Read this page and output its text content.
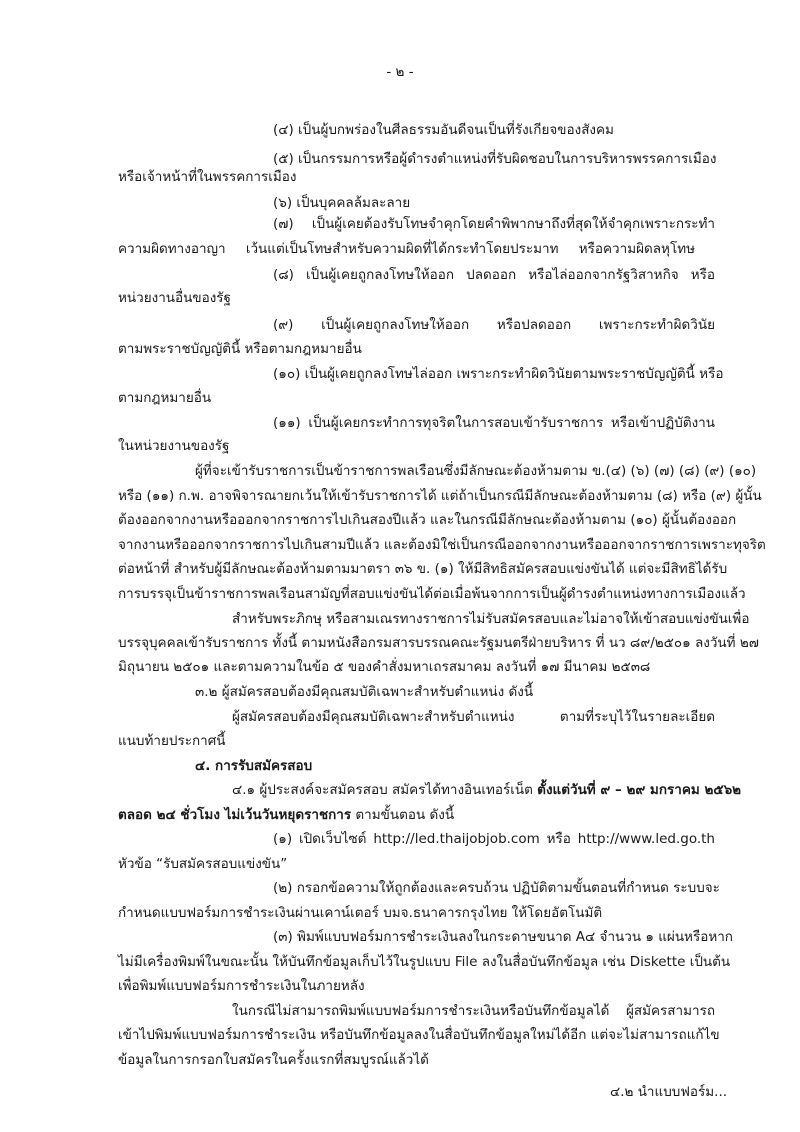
- ๒ -
(๔) เป็นผู้บกพร่องในศีลธรรมอันดีจนเป็นที่รังเกียจของสังคม
(๕) เป็นกรรมการหรือผู้ดำรงตำแหน่งที่รับผิดชอบในการบริหารพรรคการเมือง
หรือเจ้าหน้าที่ในพรรคการเมือง
(๖) เป็นบุคคลล้มละลาย
(๗) เป็นผู้เคยต้องรับโทษจำคุกโดยคำพิพากษาถึงที่สุดให้จำคุกเพราะกระทำ
ความผิดทางอาญา เว้นแต่เป็นโทษสำหรับความผิดที่ได้กระทำโดยประมาท หรือความผิดลหุโทษ
(๘) เป็นผู้เคยถูกลงโทษให้ออก ปลดออก หรือไล่ออกจากรัฐวิสาหกิจ หรือ
หน่วยงานอื่นของรัฐ
(๙) เป็นผู้เคยถูกลงโทษให้ออก หรือปลดออก เพราะกระทำผิดวินัย
ตามพระราชบัญญัตินี้ หรือตามกฎหมายอื่น
(๑๐) เป็นผู้เคยถูกลงโทษไล่ออก เพราะกระทำผิดวินัยตามพระราชบัญญัตินี้ หรือ
ตามกฎหมายอื่น
(๑๑) เป็นผู้เคยกระทำการทุจริตในการสอบเข้ารับราชการ หรือเข้าปฏิบัติงาน
ในหน่วยงานของรัฐ
ผู้ที่จะเข้ารับราชการเป็นข้าราชการพลเรือนซึ่งมีลักษณะต้องห้ามตาม ข.(๔) (๖) (๗) (๘) (๙) (๑๐)
หรือ (๑๑) ก.พ. อาจพิจารณายกเว้นให้เข้ารับราชการได้ แต่ถ้าเป็นกรณีมีลักษณะต้องห้ามตาม (๘) หรือ (๙) ผู้นั้น
ต้องออกจากงานหรือออกจากราชการไปเกินสองปีแล้ว และในกรณีมีลักษณะต้องห้ามตาม (๑๐) ผู้นั้นต้องออก
จากงานหรือออกจากราชการไปเกินสามปีแล้ว และต้องมิใช่เป็นกรณีออกจากงานหรือออกจากราชการเพราะทุจริต
ต่อหน้าที่ สำหรับผู้มีลักษณะต้องห้ามตามมาตรา ๓๖ ข. (๑) ให้มีสิทธิสมัครสอบแข่งขันได้ แต่จะมีสิทธิได้รับ
การบรรจุเป็นข้าราชการพลเรือนสามัญที่สอบแข่งขันได้ต่อเมื่อพ้นจากการเป็นผู้ดำรงตำแหน่งทางการเมืองแล้ว
สำหรับพระภิกษุ หรือสามเณรทางราชการไม่รับสมัครสอบและไม่อาจให้เข้าสอบแข่งขันเพื่อ
บรรจุบุคคลเข้ารับราชการ ทั้งนี้ ตามหนังสือกรมสารบรรณคณะรัฐมนตรีฝ่ายบริหาร ที่ นว ๘๙/๒๕๐๑ ลงวันที่ ๒๗
มิถุนายน ๒๕๐๑ และตามความในข้อ ๕ ของคำสั่งมหาเถรสมาคม ลงวันที่ ๑๗ มีนาคม ๒๕๓๘
๓.๒ ผู้สมัครสอบต้องมีคุณสมบัติเฉพาะสำหรับตำแหน่ง ดังนี้
ผู้สมัครสอบต้องมีคุณสมบัติเฉพาะสำหรับตำแหน่ง ตามที่ระบุไว้ในรายละเอียด
แนบท้ายประกาศนี้
๔. การรับสมัครสอบ
๔.๑ ผู้ประสงค์จะสมัครสอบ สมัครได้ทางอินเทอร์เน็ต ตั้งแต่วันที่ ๙ – ๒๙ มกราคม ๒๕๖๒
ตลอด ๒๔ ชั่วโมง ไม่เว้นวันหยุดราชการ ตามขั้นตอน ดังนี้
(๑) เปิดเว็บไซต์ http://led.thaijobjob.com หรือ http://www.led.go.th
หัวข้อ “รับสมัครสอบแข่งขัน”
(๒) กรอกข้อความให้ถูกต้องและครบถ้วน ปฏิบัติตามขั้นตอนที่กำหนด ระบบจะ
กำหนดแบบฟอร์มการชำระเงินผ่านเคาน์เตอร์ บมจ.ธนาคารกรุงไทย ให้โดยอัตโนมัติ
(๓) พิมพ์แบบฟอร์มการชำระเงินลงในกระดาษขนาด A๔ จำนวน ๑ แผ่นหรือหาก
ไม่มีเครื่องพิมพ์ในขณะนั้น ให้บันทึกข้อมูลเก็บไว้ในรูปแบบ File ลงในสื่อบันทึกข้อมูล เช่น Diskette เป็นต้น
เพื่อพิมพ์แบบฟอร์มการชำระเงินในภายหลัง
ในกรณีไม่สามารถพิมพ์แบบฟอร์มการชำระเงินหรือบันทึกข้อมูลได้ ผู้สมัครสามารถ
เข้าไปพิมพ์แบบฟอร์มการชำระเงิน หรือบันทึกข้อมูลลงในสื่อบันทึกข้อมูลใหม่ได้อีก แต่จะไม่สามารถแก้ไข
ข้อมูลในการกรอกใบสมัครในครั้งแรกที่สมบูรณ์แล้วได้
๔.๒ นำแบบฟอร์ม...
